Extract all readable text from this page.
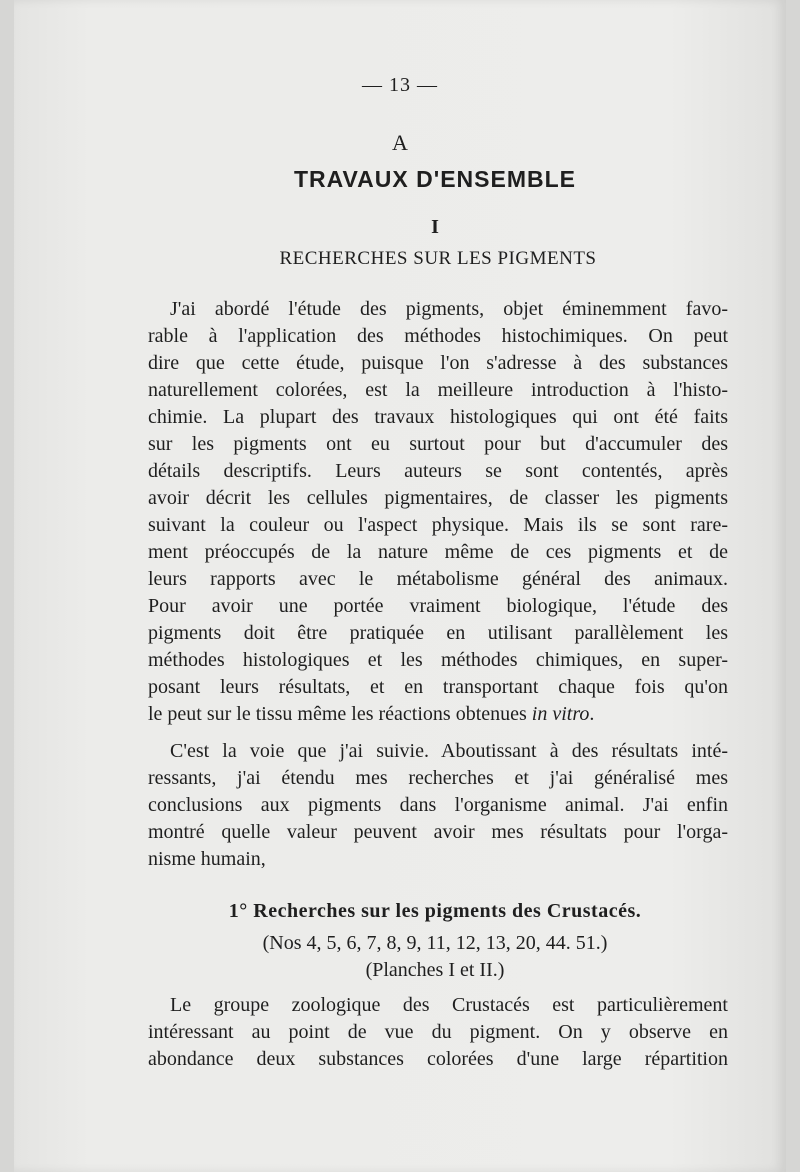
— 13 —
A
TRAVAUX D'ENSEMBLE
I
RECHERCHES SUR LES PIGMENTS
J'ai abordé l'étude des pigments, objet éminemment favo-
rable à l'application des méthodes histochimiques. On peut
dire que cette étude, puisque l'on s'adresse à des substances
naturellement colorées, est la meilleure introduction à l'histo-
chimie. La plupart des travaux histologiques qui ont été faits
sur les pigments ont eu surtout pour but d'accumuler des
détails descriptifs. Leurs auteurs se sont contentés, après
avoir décrit les cellules pigmentaires, de classer les pigments
suivant la couleur ou l'aspect physique. Mais ils se sont rare-
ment préoccupés de la nature même de ces pigments et de
leurs rapports avec le métabolisme général des animaux.
Pour avoir une portée vraiment biologique, l'étude des
pigments doit être pratiquée en utilisant parallèlement les
méthodes histologiques et les méthodes chimiques, en super-
posant leurs résultats, et en transportant chaque fois qu'on
le peut sur le tissu même les réactions obtenues in vitro.
C'est la voie que j'ai suivie. Aboutissant à des résultats inté-
ressants, j'ai étendu mes recherches et j'ai généralisé mes
conclusions aux pigments dans l'organisme animal. J'ai enfin
montré quelle valeur peuvent avoir mes résultats pour l'orga-
nisme humain,
1° Recherches sur les pigments des Crustacés.
(Nos 4, 5, 6, 7, 8, 9, 11, 12, 13, 20, 44. 51.)
(Planches I et II.)
Le groupe zoologique des Crustacés est particulièrement
intéressant au point de vue du pigment. On y observe en
abondance deux substances colorées d'une large répartition
